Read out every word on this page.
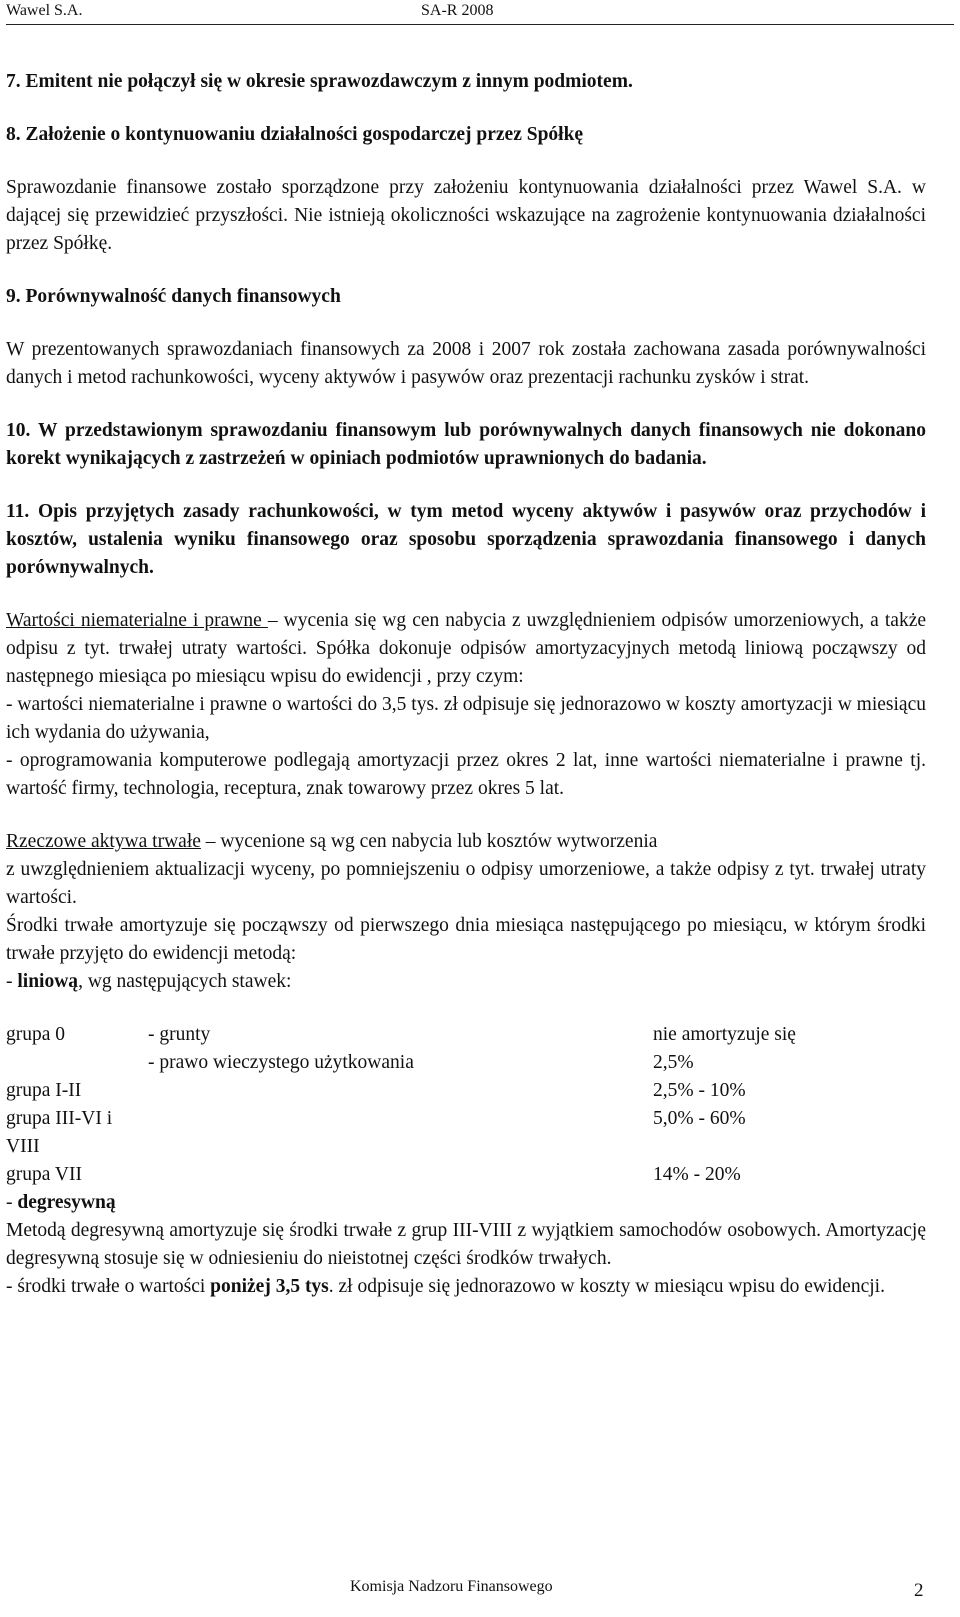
Wawel S.A.	SA-R 2008

7. Emitent nie połączył się w okresie sprawozdawczym z innym podmiotem.

8. Założenie o kontynuowaniu działalności gospodarczej przez Spółkę

Sprawozdanie finansowe zostało sporządzone przy założeniu kontynuowania działalności przez Wawel S.A. w dającej się przewidzieć przyszłości. Nie istnieją okoliczności wskazujące na zagrożenie kontynuowania działalności przez Spółkę.

9. Porównywalność danych finansowych

W prezentowanych sprawozdaniach finansowych za 2008 i 2007 rok została zachowana zasada porównywalności danych i metod rachunkowości, wyceny aktywów i pasywów oraz prezentacji rachunku zysków i strat.

10. W przedstawionym sprawozdaniu finansowym lub porównywalnych danych finansowych nie dokonano korekt wynikających z zastrzeżeń w opiniach podmiotów uprawnionych do badania.

11. Opis przyjętych zasady rachunkowości, w tym metod wyceny aktywów i pasywów oraz przychodów i kosztów, ustalenia wyniku finansowego oraz sposobu sporządzenia sprawozdania finansowego i danych porównywalnych.

Wartości niematerialne i prawne – wycenia się wg cen nabycia z uwzględnieniem odpisów umorzeniowych, a także odpisu z tyt. trwałej utraty wartości. Spółka dokonuje odpisów amortyzacyjnych metodą liniową począwszy od następnego miesiąca po miesiącu wpisu do ewidencji , przy czym:

- wartości niematerialne i prawne o wartości do 3,5 tys. zł odpisuje się jednorazowo w koszty amortyzacji w miesiącu ich wydania do używania,

- oprogramowania komputerowe podlegają amortyzacji przez okres 2 lat, inne wartości niematerialne i prawne tj. wartość firmy, technologia, receptura, znak towarowy przez okres 5 lat.

Rzeczowe aktywa trwałe – wycenione są wg cen nabycia lub kosztów wytworzenia

z uwzględnieniem aktualizacji wyceny, po pomniejszeniu o odpisy umorzeniowe, a także odpisy z tyt. trwałej utraty wartości.

Środki trwałe amortyzuje się począwszy od pierwszego dnia miesiąca następującego po miesiącu, w którym środki trwałe przyjęto do ewidencji metodą:

- liniową, wg następujących stawek:

grupa 0	- grunty	nie amortyzuje się
	- prawo wieczystego użytkowania	2,5%
grupa I-II		2,5% - 10%
grupa III-VI i VIII		5,0% - 60%
grupa VII		14% - 20%

- degresywną

Metodą degresywną amortyzuje się środki trwałe z grup III-VIII z wyjątkiem samochodów osobowych. Amortyzację degresywną stosuje się w odniesieniu do nieistotnej części środków trwałych.

- środki trwałe o wartości poniżej 3,5 tys. zł odpisuje się jednorazowo w koszty w miesiącu wpisu do ewidencji.

Komisja Nadzoru Finansowego	2
